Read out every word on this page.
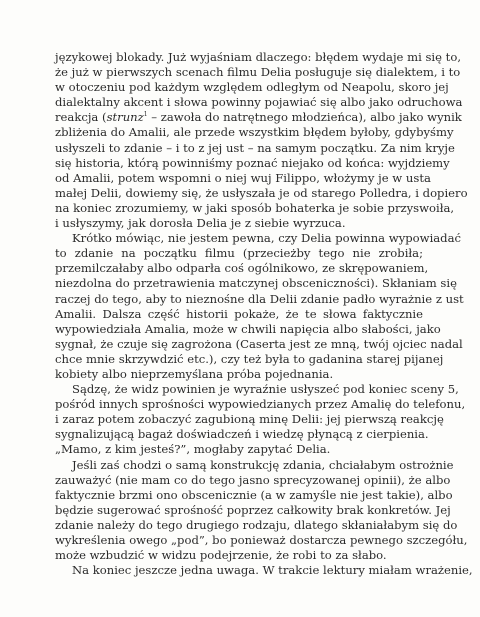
językowej blokady. Już wyjaśniam dlaczego: błędem wydaje mi się to,
że już w pierwszych scenach filmu Delia posługuje się dialektem, i to
w otoczeniu pod każdym względem odległym od Neapolu, skoro jej
dialektalny akcent i słowa powinny pojawiać się albo jako odruchowa
reakcja (strunz$^1$ – zawoła do natrętnego młodzieńca), albo jako wynik
zbliżenia do Amalii, ale przede wszystkim błędem byłoby, gdybyśmy
usłyszeli to zdanie – i to z jej ust – na samym początku. Za nim kryje
się historia, którą powinniśmy poznać niejako od końca: wyjdziemy
od Amalii, potem wspomni o niej wuj Filippo, włożymy je w usta
małej Delii, dowiemy się, że usłyszała je od starego Polledra, i dopiero
na koniec zrozumiemy, w jaki sposób bohaterka je sobie przyswoiła,
i usłyszymy, jak dorosła Delia je z siebie wyrzuca.

Krótko mówiąc, nie jestem pewna, czy Delia powinna wypowiadać
to zdanie na początku filmu (przecieżby tego nie zrobiła;
przemilczałaby albo odparła coś ogólnikowo, ze skrępowaniem,
niezdolna do przetrawienia matczynej obsceniczności). Skłaniam się
raczej do tego, aby to nieznośne dla Delii zdanie padło wyrażnie z ust
Amalii. Dalsza część historii pokaże, że te słowa faktycznie
wypowiedziała Amalia, może w chwili napięcia albo słabości, jako
sygnał, że czuje się zagrożona (Caserta jest ze mną, twój ojciec nadal
chce mnie skrzywdzić etc.), czy też była to gadanina starej pijanej
kobiety albo nieprzemyślana próba pojednania.

Sądzę, że widz powinien je wyraźnie usłyszeć pod koniec sceny 5,
pośród innych sprośności wypowiedzianych przez Amalię do telefonu,
i zaraz potem zobaczyć zagubioną minę Delii: jej pierwszą reakcję
sygnalizującą bagaż doświadczeń i wiedzę płynącą z cierpienia.
„Mamo, z kim jesteś?”, mogłaby zapytać Delia.

Jeśli zaś chodzi o samą konstrukcję zdania, chciałabym ostrożnie
zauważyć (nie mam co do tego jasno sprecyzowanej opinii), że albo
faktycznie brzmi ono obscenicznie (a w zamyśle nie jest takie), albo
będzie sugerować sprośność poprzez całkowity brak konkretów. Jej
zdanie należy do tego drugiego rodzaju, dlatego skłaniałabym się do
wykreślenia owego „pod”, bo ponieważ dostarcza pewnego szczegółu,
może wzbudzić w widzu podejrzenie, że robi to za słabo.

Na koniec jeszcze jedna uwaga. W trakcie lektury miałam wrażenie,
